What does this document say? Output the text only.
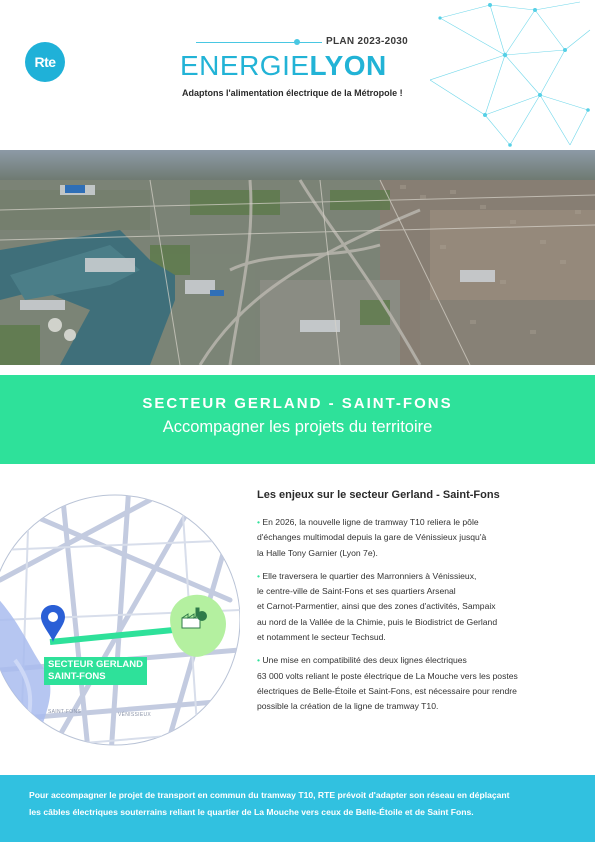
Rte
PLAN 2023-2030
ENERGIELYON
Adaptons l'alimentation électrique de la Métropole !
SECTEUR GERLAND - SAINT-FONS
Accompagner les projets du territoire
SECTEUR GERLAND
SAINT-FONS
SAINT-FONS	VÉNISSIEUX
Les enjeux sur le secteur Gerland - Saint-Fons
• En 2026, la nouvelle ligne de tramway T10 reliera le pôle
d'échanges multimodal depuis la gare de Vénissieux jusqu'à
la Halle Tony Garnier (Lyon 7e).
• Elle traversera le quartier des Marronniers à Vénissieux,
le centre-ville de Saint-Fons et ses quartiers Arsenal
et Carnot-Parmentier, ainsi que des zones d'activités, Sampaix
au nord de la Vallée de la Chimie, puis le Biodistrict de Gerland
et notamment le secteur Techsud.
• Une mise en compatibilité des deux lignes électriques
63 000 volts reliant le poste électrique de La Mouche vers les postes
électriques de Belle-Étoile et Saint-Fons, est nécessaire pour rendre
possible la création de la ligne de tramway T10.
Pour accompagner le projet de transport en commun du tramway T10, RTE prévoit d'adapter son réseau en déplaçant
les câbles électriques souterrains reliant le quartier de La Mouche vers ceux de Belle-Étoile et de Saint Fons.
